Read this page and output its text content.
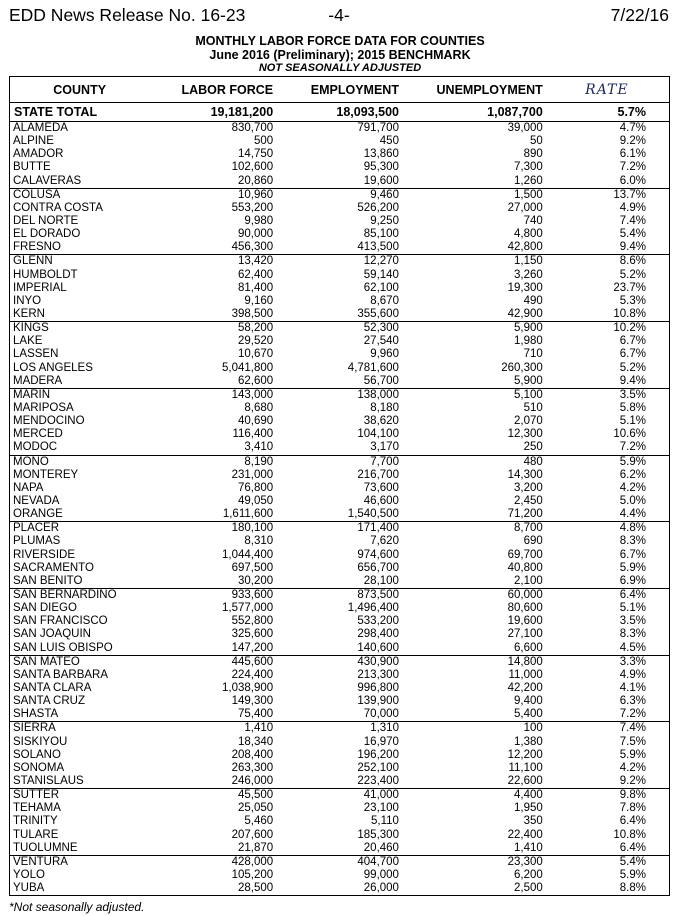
EDD News Release No. 16-23	-4-	7/22/16
MONTHLY LABOR FORCE DATA FOR COUNTIES
June 2016 (Preliminary); 2015 BENCHMARK
NOT SEASONALLY ADJUSTED
COUNTY	LABOR FORCE	EMPLOYMENT	UNEMPLOYMENT	RATE
STATE TOTAL	19,181,200	18,093,500	1,087,700	5.7%
ALAMEDA	830,700	791,700	39,000	4.7%
ALPINE	500	450	50	9.2%
AMADOR	14,750	13,860	890	6.1%
BUTTE	102,600	95,300	7,300	7.2%
CALAVERAS	20,860	19,600	1,260	6.0%
COLUSA	10,960	9,460	1,500	13.7%
CONTRA COSTA	553,200	526,200	27,000	4.9%
DEL NORTE	9,980	9,250	740	7.4%
EL DORADO	90,000	85,100	4,800	5.4%
FRESNO	456,300	413,500	42,800	9.4%
GLENN	13,420	12,270	1,150	8.6%
HUMBOLDT	62,400	59,140	3,260	5.2%
IMPERIAL	81,400	62,100	19,300	23.7%
INYO	9,160	8,670	490	5.3%
KERN	398,500	355,600	42,900	10.8%
KINGS	58,200	52,300	5,900	10.2%
LAKE	29,520	27,540	1,980	6.7%
LASSEN	10,670	9,960	710	6.7%
LOS ANGELES	5,041,800	4,781,600	260,300	5.2%
MADERA	62,600	56,700	5,900	9.4%
MARIN	143,000	138,000	5,100	3.5%
MARIPOSA	8,680	8,180	510	5.8%
MENDOCINO	40,690	38,620	2,070	5.1%
MERCED	116,400	104,100	12,300	10.6%
MODOC	3,410	3,170	250	7.2%
MONO	8,190	7,700	480	5.9%
MONTEREY	231,000	216,700	14,300	6.2%
NAPA	76,800	73,600	3,200	4.2%
NEVADA	49,050	46,600	2,450	5.0%
ORANGE	1,611,600	1,540,500	71,200	4.4%
PLACER	180,100	171,400	8,700	4.8%
PLUMAS	8,310	7,620	690	8.3%
RIVERSIDE	1,044,400	974,600	69,700	6.7%
SACRAMENTO	697,500	656,700	40,800	5.9%
SAN BENITO	30,200	28,100	2,100	6.9%
SAN BERNARDINO	933,600	873,500	60,000	6.4%
SAN DIEGO	1,577,000	1,496,400	80,600	5.1%
SAN FRANCISCO	552,800	533,200	19,600	3.5%
SAN JOAQUIN	325,600	298,400	27,100	8.3%
SAN LUIS OBISPO	147,200	140,600	6,600	4.5%
SAN MATEO	445,600	430,900	14,800	3.3%
SANTA BARBARA	224,400	213,300	11,000	4.9%
SANTA CLARA	1,038,900	996,800	42,200	4.1%
SANTA CRUZ	149,300	139,900	9,400	6.3%
SHASTA	75,400	70,000	5,400	7.2%
SIERRA	1,410	1,310	100	7.4%
SISKIYOU	18,340	16,970	1,380	7.5%
SOLANO	208,400	196,200	12,200	5.9%
SONOMA	263,300	252,100	11,100	4.2%
STANISLAUS	246,000	223,400	22,600	9.2%
SUTTER	45,500	41,000	4,400	9.8%
TEHAMA	25,050	23,100	1,950	7.8%
TRINITY	5,460	5,110	350	6.4%
TULARE	207,600	185,300	22,400	10.8%
TUOLUMNE	21,870	20,460	1,410	6.4%
VENTURA	428,000	404,700	23,300	5.4%
YOLO	105,200	99,000	6,200	5.9%
YUBA	28,500	26,000	2,500	8.8%
*Not seasonally adjusted.
